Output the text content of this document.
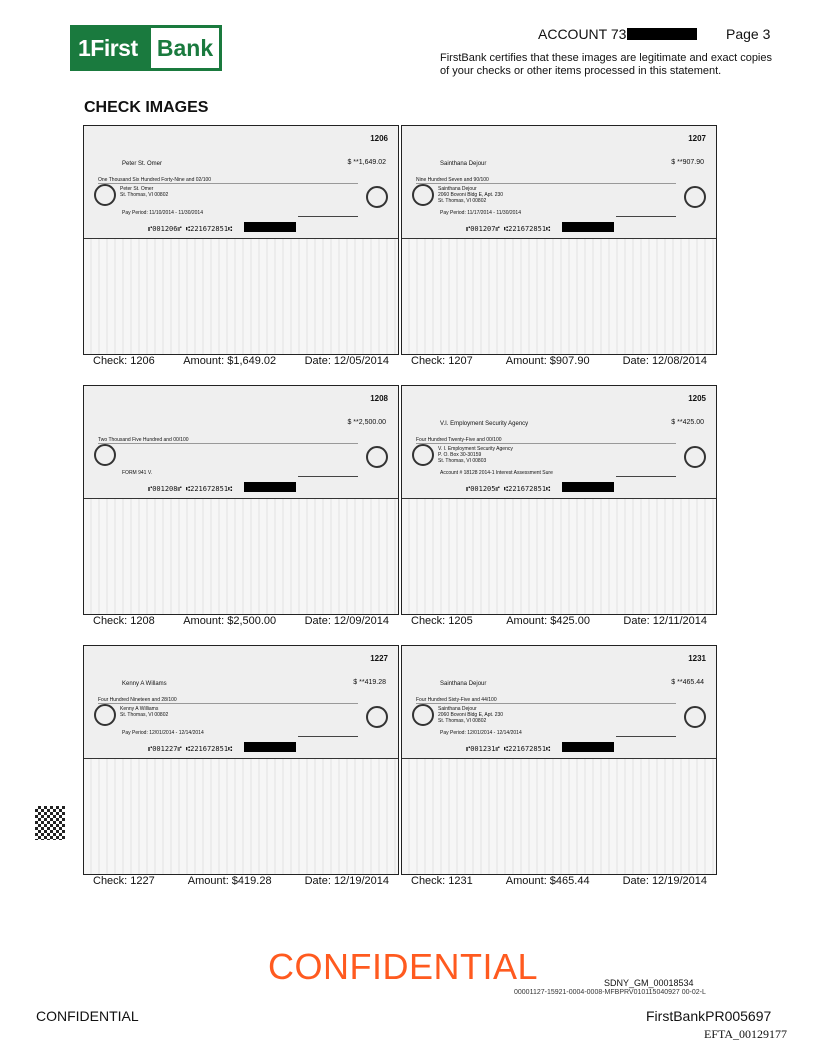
1First Bank
ACCOUNT 73	Page 3
FirstBank certifies that these images are legitimate and exact copies of your checks or other items processed in this statement.
CHECK IMAGES
1206
Peter St. Omer	$ **1,649.02
One Thousand Six Hundred Forty-Nine and 02/100
Peter St. Omer
St. Thomas, VI 00802
Pay Period: 11/10/2014 - 11/30/2014
⑈001206⑈ ⑆221672851⑆
Check: 1206	Amount: $1,649.02	Date: 12/05/2014
1207
Sainthana Dejour	$ **907.90
Nine Hundred Seven and 90/100
Sainthana Dejour
2060 Bovoni Bldg E, Apt. 230
St. Thomas, VI 00802
Pay Period: 11/17/2014 - 11/30/2014
⑈001207⑈ ⑆221672851⑆
Check: 1207	Amount: $907.90	Date: 12/08/2014
1208
$ **2,500.00
Two Thousand Five Hundred and 00/100
FORM 941 V.
⑈001208⑈ ⑆221672851⑆
Check: 1208	Amount: $2,500.00	Date: 12/09/2014
1205
V.I. Employment Security Agency	$ **425.00
Four Hundred Twenty-Five and 00/100
V. I. Employment Security Agency
P. O. Box 30-30159
St. Thomas, VI 00803
Account # 18128 2014-1 Interest Assessment Sure
⑈001205⑈ ⑆221672851⑆
Check: 1205	Amount: $425.00	Date: 12/11/2014
1227
Kenny A Willams	$ **419.28
Four Hundred Nineteen and 28/100
Kenny A Williams
St. Thomas, VI 00802
Pay Period: 12/01/2014 - 12/14/2014
⑈001227⑈ ⑆221672851⑆
Check: 1227	Amount: $419.28	Date: 12/19/2014
1231
Sainthana Dejour	$ **465.44
Four Hundred Sixty-Five and 44/100
Sainthana Dejour
2060 Bovoni Bldg E, Apt. 230
St. Thomas, VI 00802
Pay Period: 12/01/2014 - 12/14/2014
⑈001231⑈ ⑆221672851⑆
Check: 1231	Amount: $465.44	Date: 12/19/2014
CONFIDENTIAL	SDNY_GM_00018534
00001127-15921-0004-0008-MFBPRV010115040927 00-02-L
CONFIDENTIAL	FirstBankPR005697
EFTA_00129177
